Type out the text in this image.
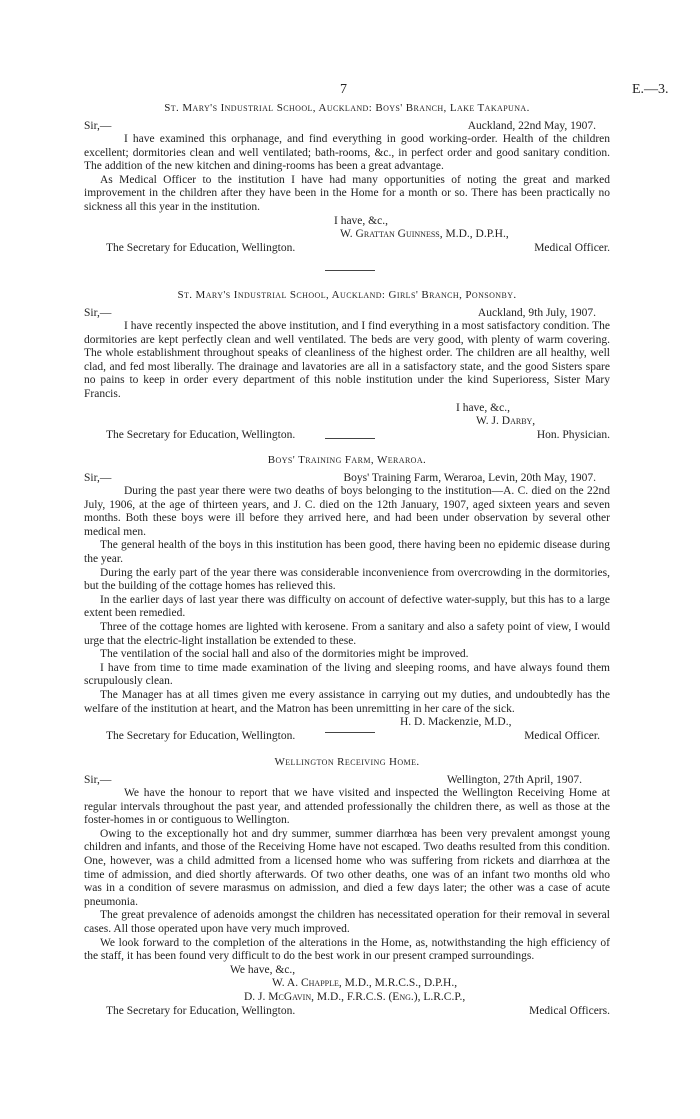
7	E.—3.
St. Mary's Industrial School, Auckland: Boys' Branch, Lake Takapuna.
Sir,—	Auckland, 22nd May, 1907.

I have examined this orphanage, and find everything in good working-order. Health of the children excellent; dormitories clean and well ventilated; bath-rooms, &c., in perfect order and good sanitary condition. The addition of the new kitchen and dining-rooms has been a great advantage.

As Medical Officer to the institution I have had many opportunities of noting the great and marked improvement in the children after they have been in the Home for a month or so. There has been practically no sickness all this year in the institution.

I have, &c.,
W. Grattan Guinness, M.D., D.P.H.,
The Secretary for Education, Wellington.	Medical Officer.
St. Mary's Industrial School, Auckland: Girls' Branch, Ponsonby.
Sir,—	Auckland, 9th July, 1907.

I have recently inspected the above institution, and I find everything in a most satisfactory condition. The dormitories are kept perfectly clean and well ventilated. The beds are very good, with plenty of warm covering. The whole establishment throughout speaks of cleanliness of the highest order. The children are all healthy, well clad, and fed most liberally. The drainage and lavatories are all in a satisfactory state, and the good Sisters spare no pains to keep in order every department of this noble institution under the kind Superioress, Sister Mary Francis.

I have, &c.,
W. J. Darby,
The Secretary for Education, Wellington.	Hon. Physician.
Boys' Training Farm, Weraroa.
Sir,—	Boys' Training Farm, Weraroa, Levin, 20th May, 1907.

During the past year there were two deaths of boys belonging to the institution—A. C. died on the 22nd July, 1906, at the age of thirteen years, and J. C. died on the 12th January, 1907, aged sixteen years and seven months. Both these boys were ill before they arrived here, and had been under observation by several other medical men.

The general health of the boys in this institution has been good, there having been no epidemic disease during the year.

During the early part of the year there was considerable inconvenience from overcrowding in the dormitories, but the building of the cottage homes has relieved this.

In the earlier days of last year there was difficulty on account of defective water-supply, but this has to a large extent been remedied.

Three of the cottage homes are lighted with kerosene. From a sanitary and also a safety point of view, I would urge that the electric-light installation be extended to these.

The ventilation of the social hall and also of the dormitories might be improved.

I have from time to time made examination of the living and sleeping rooms, and have always found them scrupulously clean.

The Manager has at all times given me every assistance in carrying out my duties, and undoubtedly has the welfare of the institution at heart, and the Matron has been unremitting in her care of the sick.

H. D. Mackenzie, M.D.,
The Secretary for Education, Wellington.	Medical Officer.
Wellington Receiving Home.
Sir,—	Wellington, 27th April, 1907.

We have the honour to report that we have visited and inspected the Wellington Receiving Home at regular intervals throughout the past year, and attended professionally the children there, as well as those at the foster-homes in or contiguous to Wellington.

Owing to the exceptionally hot and dry summer, summer diarrhœa has been very prevalent amongst young children and infants, and those of the Receiving Home have not escaped. Two deaths resulted from this condition. One, however, was a child admitted from a licensed home who was suffering from rickets and diarrhœa at the time of admission, and died shortly afterwards. Of two other deaths, one was of an infant two months old who was in a condition of severe marasmus on admission, and died a few days later; the other was a case of acute pneumonia.

The great prevalence of adenoids amongst the children has necessitated operation for their removal in several cases. All those operated upon have very much improved.

We look forward to the completion of the alterations in the Home, as, notwithstanding the high efficiency of the staff, it has been found very difficult to do the best work in our present cramped surroundings.

We have, &c.,
W. A. Chapple, M.D., M.R.C.S., D.P.H.,
D. J. McGavin, M.D., F.R.C.S. (Eng.), L.R.C.P.,
The Secretary for Education, Wellington.	Medical Officers.
